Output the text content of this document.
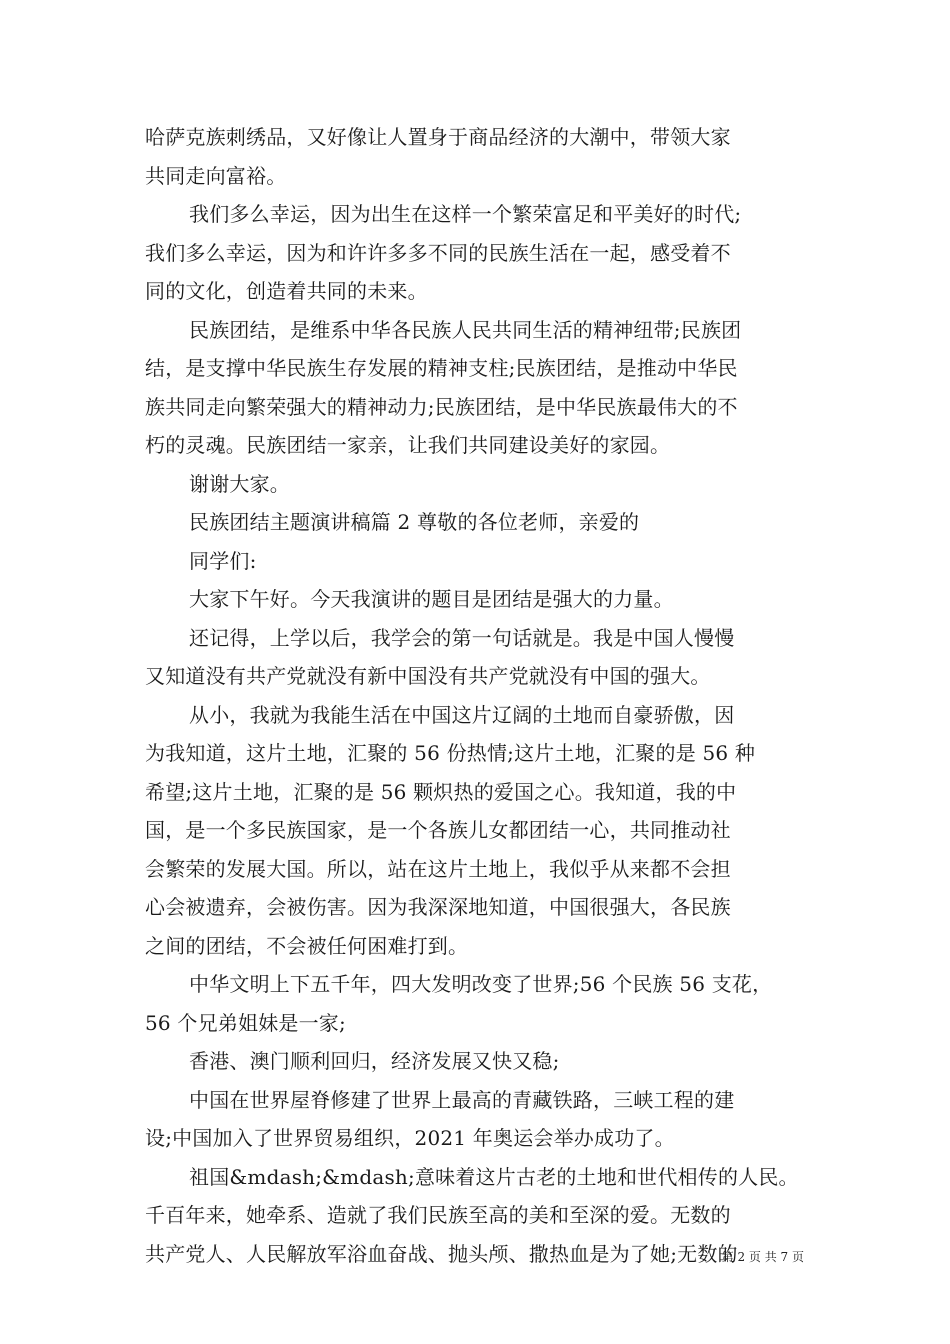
哈萨克族刺绣品，又好像让人置身于商品经济的大潮中，带领大家
共同走向富裕。
我们多么幸运，因为出生在这样一个繁荣富足和平美好的时代;
我们多么幸运，因为和许许多多不同的民族生活在一起，感受着不
同的文化，创造着共同的未来。
民族团结，是维系中华各民族人民共同生活的精神纽带;民族团
结，是支撑中华民族生存发展的精神支柱;民族团结，是推动中华民
族共同走向繁荣强大的精神动力;民族团结，是中华民族最伟大的不
朽的灵魂。民族团结一家亲，让我们共同建设美好的家园。
谢谢大家。
民族团结主题演讲稿篇 2 尊敬的各位老师，亲爱的
同学们:
大家下午好。今天我演讲的题目是团结是强大的力量。
还记得，上学以后，我学会的第一句话就是。我是中国人慢慢
又知道没有共产党就没有新中国没有共产党就没有中国的强大。
从小，我就为我能生活在中国这片辽阔的土地而自豪骄傲，因
为我知道，这片土地，汇聚的 56 份热情;这片土地，汇聚的是 56 种
希望;这片土地，汇聚的是 56 颗炽热的爱国之心。我知道，我的中
国，是一个多民族国家，是一个各族儿女都团结一心，共同推动社
会繁荣的发展大国。所以，站在这片土地上，我似乎从来都不会担
心会被遗弃，会被伤害。因为我深深地知道，中国很强大，各民族
之间的团结，不会被任何困难打到。
中华文明上下五千年，四大发明改变了世界;56 个民族 56 支花，
56 个兄弟姐妹是一家;
香港、澳门顺利回归，经济发展又快又稳;
中国在世界屋脊修建了世界上最高的青藏铁路，三峡工程的建
设;中国加入了世界贸易组织，2021 年奥运会举办成功了。
祖国&mdash;&mdash;意味着这片古老的土地和世代相传的人民。
千百年来，她牵系、造就了我们民族至高的美和至深的爱。无数的
共产党人、人民解放军浴血奋战、抛头颅、撒热血是为了她;无数的
第 2 页 共 7 页
